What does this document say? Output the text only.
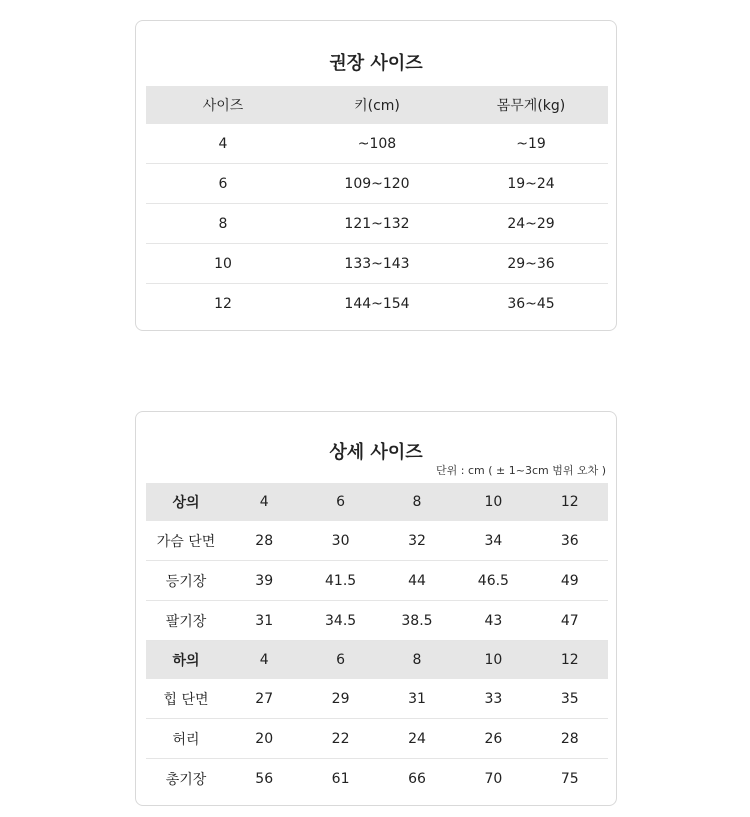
권장 사이즈
사이즈	키(cm)	몸무게(kg)
4	~108	~19
6	109~120	19~24
8	121~132	24~29
10	133~143	29~36
12	144~154	36~45
상세 사이즈
단위 : cm ( ± 1~3cm 범위 오차 )
상의	4	6	8	10	12
가슴 단면	28	30	32	34	36
등기장	39	41.5	44	46.5	49
팔기장	31	34.5	38.5	43	47
하의	4	6	8	10	12
힙 단면	27	29	31	33	35
허리	20	22	24	26	28
총기장	56	61	66	70	75
